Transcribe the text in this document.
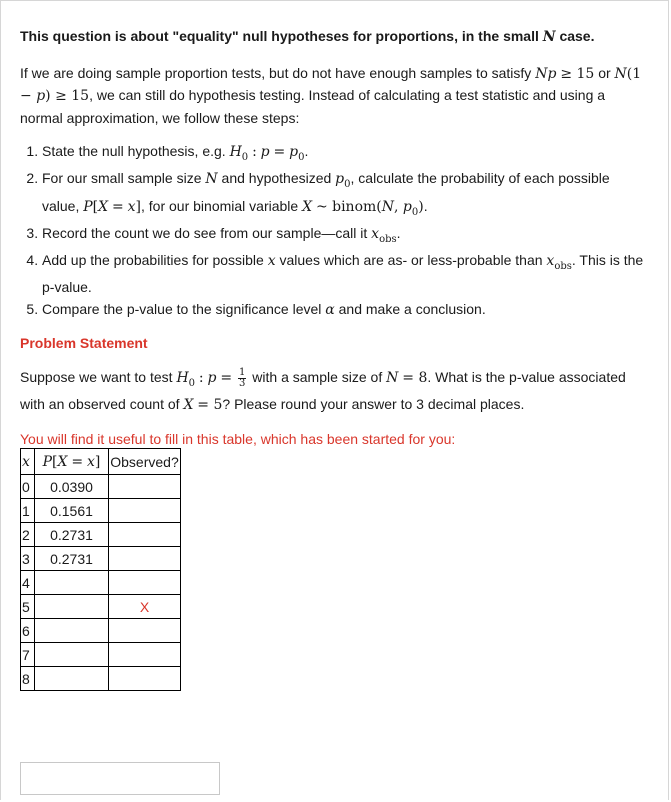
This question is about "equality" null hypotheses for proportions, in the small N case.

If we are doing sample proportion tests, but do not have enough samples to satisfy Np ≥ 15 or N(1 − p) ≥ 15, we can still do hypothesis testing. Instead of calculating a test statistic and using a normal approximation, we follow these steps:

1. State the null hypothesis, e.g. $H_0$ : $p = p_0$.
2. For our small sample size N and hypothesized $p_0$, calculate the probability of each possible value, P[X = x], for our binomial variable X ~ binom(N, $p_0$).
3. Record the count we do see from our sample—call it $x_{obs}$.
4. Add up the probabilities for possible x values which are as- or less-probable than $x_{obs}$. This is the p-value.
5. Compare the p-value to the significance level α and make a conclusion.

Problem Statement

Suppose we want to test $H_0$ : $p = \frac{1}{3}$ with a sample size of N = 8. What is the p-value associated with an observed count of X = 5? Please round your answer to 3 decimal places.

You will find it useful to fill in this table, which has been started for you:

x	P[X = x]	Observed?
0	0.0390	
1	0.1561	
2	0.2731	
3	0.2731	
4		
5		X
6		
7		
8		
